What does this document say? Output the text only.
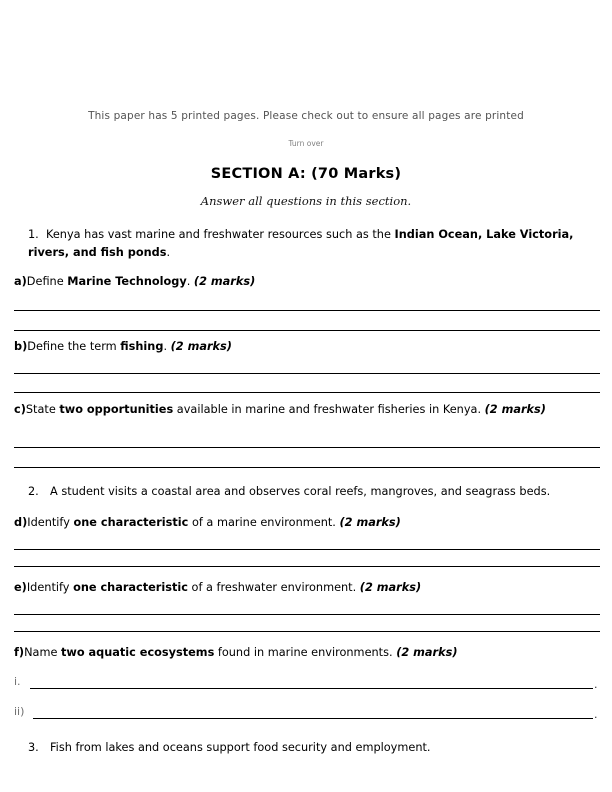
This paper has 5 printed pages. Please check out to ensure all pages are printed
Turn over
SECTION A: (70 Marks)
Answer all questions in this section.
1. Kenya has vast marine and freshwater resources such as the Indian Ocean, Lake Victoria, rivers, and fish ponds.
a)Define Marine Technology. (2 marks)
b)Define the term fishing. (2 marks)
c)State two opportunities available in marine and freshwater fisheries in Kenya. (2 marks)
2. A student visits a coastal area and observes coral reefs, mangroves, and seagrass beds.
d)Identify one characteristic of a marine environment. (2 marks)
e)Identify one characteristic of a freshwater environment. (2 marks)
f)Name two aquatic ecosystems found in marine environments. (2 marks)
i.	.
ii)	.
3. Fish from lakes and oceans support food security and employment.
